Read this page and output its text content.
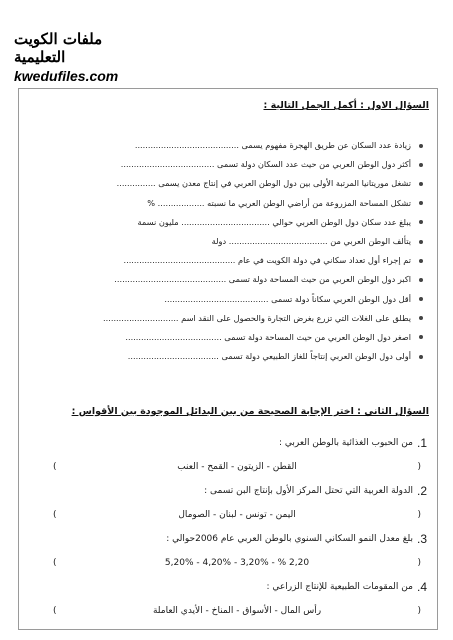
ملفات الكويت التعليمية
kwedufiles.com
السؤال الاول : أكمل الجمل التالية :
زيادة عدد السكان عن طريق الهجرة مفهوم يسمى ........................................
أكثر دول الوطن العربي من حيث عدد السكان دولة تسمى ....................................
تشغل موريتانيا المرتبة الأولى بين دول الوطن العربي في إنتاج معدن يسمى ...............
تشكل المساحة المزروعة من أراضي الوطن العربي ما نسبته .................. %
يبلغ عدد سكان دول الوطن العربي حوالي .................................. مليون نسمة
يتألف الوطن العربي من ...................................... دولة
تم إجراء أول تعداد سكاني في دولة الكويت في عام ...........................................
اكبر دول الوطن العربي من حيث المساحة دولة تسمى ...........................................
أقل دول الوطن العربي سكاناً دولة تسمى ........................................
يطلق على الغلات التي تزرع بغرض التجارة والحصول على النقد اسم .............................
اصغر دول الوطن العربي من حيث المساحة دولة تسمى .....................................
أولى دول الوطن العربي إنتاجاً للغاز الطبيعي دولة تسمى ...................................
السؤال الثاني : اختر الإجابة الصحيحة من بين البدائل الموجودة بين الأقواس :
1.
من الحبوب الغذائية بالوطن العربي :
(
القطن - الزيتون - القمح - العنب
)
2.
الدولة العربية التي تحتل المركز الأول بإنتاج البن تسمى :
(
اليمن - تونس - لبنان - الصومال
)
3.
بلغ معدل النمو السكاني السنوي بالوطن العربي عام 2006حوالي :
(
2,20 % - 3,20% - 4,20% - 5,20%
)
4.
من المقومات الطبيعية للإنتاج الزراعي :
(
رأس المال - الأسواق - المناخ - الأيدي العاملة
)
